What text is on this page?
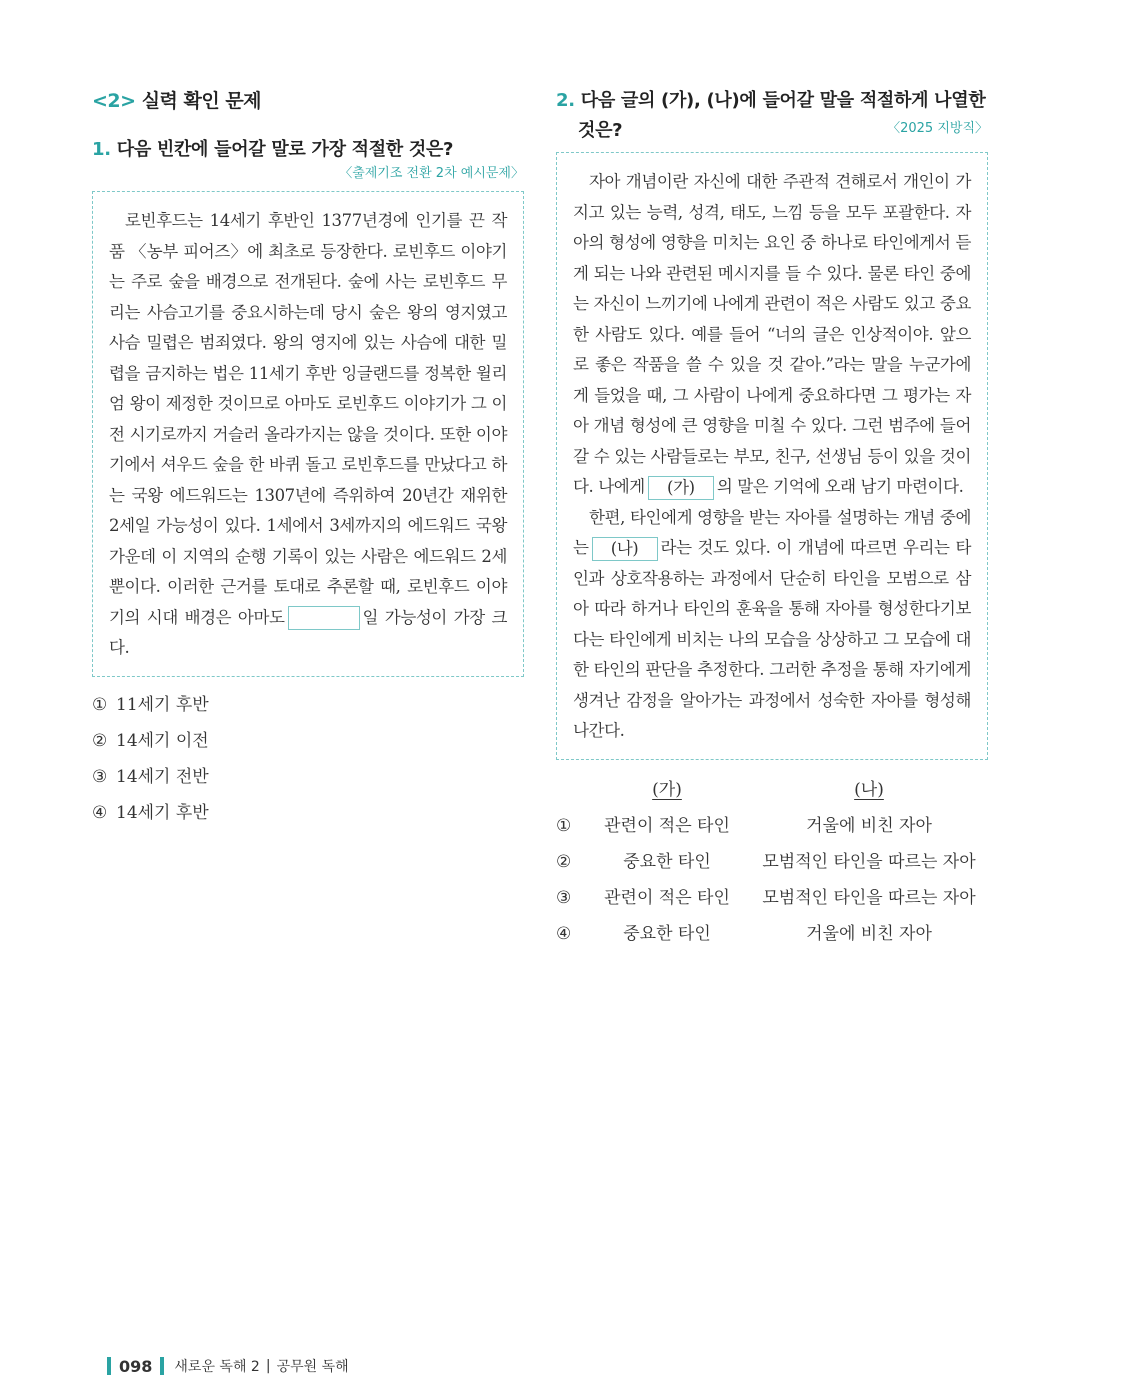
<2> 실력 확인 문제
1. 다음 빈칸에 들어갈 말로 가장 적절한 것은?
〈출제기조 전환 2차 예시문제〉

로빈후드는 14세기 후반인 1377년경에 인기를 끈 작품 〈농부 피어즈〉에 최초로 등장한다. 로빈후드 이야기는 주로 숲을 배경으로 전개된다. 숲에 사는 로빈후드 무리는 사슴고기를 중요시하는데 당시 숲은 왕의 영지였고 사슴 밀렵은 범죄였다. 왕의 영지에 있는 사슴에 대한 밀렵을 금지하는 법은 11세기 후반 잉글랜드를 정복한 윌리엄 왕이 제정한 것이므로 아마도 로빈후드 이야기가 그 이전 시기로까지 거슬러 올라가지는 않을 것이다. 또한 이야기에서 셔우드 숲을 한 바퀴 돌고 로빈후드를 만났다고 하는 국왕 에드워드는 1307년에 즉위하여 20년간 재위한 2세일 가능성이 있다. 1세에서 3세까지의 에드워드 국왕 가운데 이 지역의 순행 기록이 있는 사람은 에드워드 2세뿐이다. 이러한 근거를 토대로 추론할 때, 로빈후드 이야기의 시대 배경은 아마도	일 가능성이 가장 크다.

① 11세기 후반
② 14세기 이전
③ 14세기 전반
④ 14세기 후반
2. 다음 글의 (가), (나)에 들어갈 말을 적절하게 나열한
것은?	〈2025 지방직〉

자아 개념이란 자신에 대한 주관적 견해로서 개인이 가지고 있는 능력, 성격, 태도, 느낌 등을 모두 포괄한다. 자아의 형성에 영향을 미치는 요인 중 하나로 타인에게서 듣게 되는 나와 관련된 메시지를 들 수 있다. 물론 타인 중에는 자신이 느끼기에 나에게 관련이 적은 사람도 있고 중요한 사람도 있다. 예를 들어 “너의 글은 인상적이야. 앞으로 좋은 작품을 쓸 수 있을 것 같아.”라는 말을 누군가에게 들었을 때, 그 사람이 나에게 중요하다면 그 평가는 자아 개념 형성에 큰 영향을 미칠 수 있다. 그런 범주에 들어갈 수 있는 사람들로는 부모, 친구, 선생님 등이 있을 것이다. 나에게 (가) 의 말은 기억에 오래 남기 마련이다.

한편, 타인에게 영향을 받는 자아를 설명하는 개념 중에는 (나) 라는 것도 있다. 이 개념에 따르면 우리는 타인과 상호작용하는 과정에서 단순히 타인을 모범으로 삼아 따라 하거나 타인의 훈육을 통해 자아를 형성한다기보다는 타인에게 비치는 나의 모습을 상상하고 그 모습에 대한 타인의 판단을 추정한다. 그러한 추정을 통해 자기에게 생겨난 감정을 알아가는 과정에서 성숙한 자아를 형성해 나간다.

(가)	(나)
①	관련이 적은 타인	거울에 비친 자아
②	중요한 타인	모범적인 타인을 따르는 자아
③	관련이 적은 타인	모범적인 타인을 따르는 자아
④	중요한 타인	거울에 비친 자아
098 새로운 독해 2 | 공무원 독해
